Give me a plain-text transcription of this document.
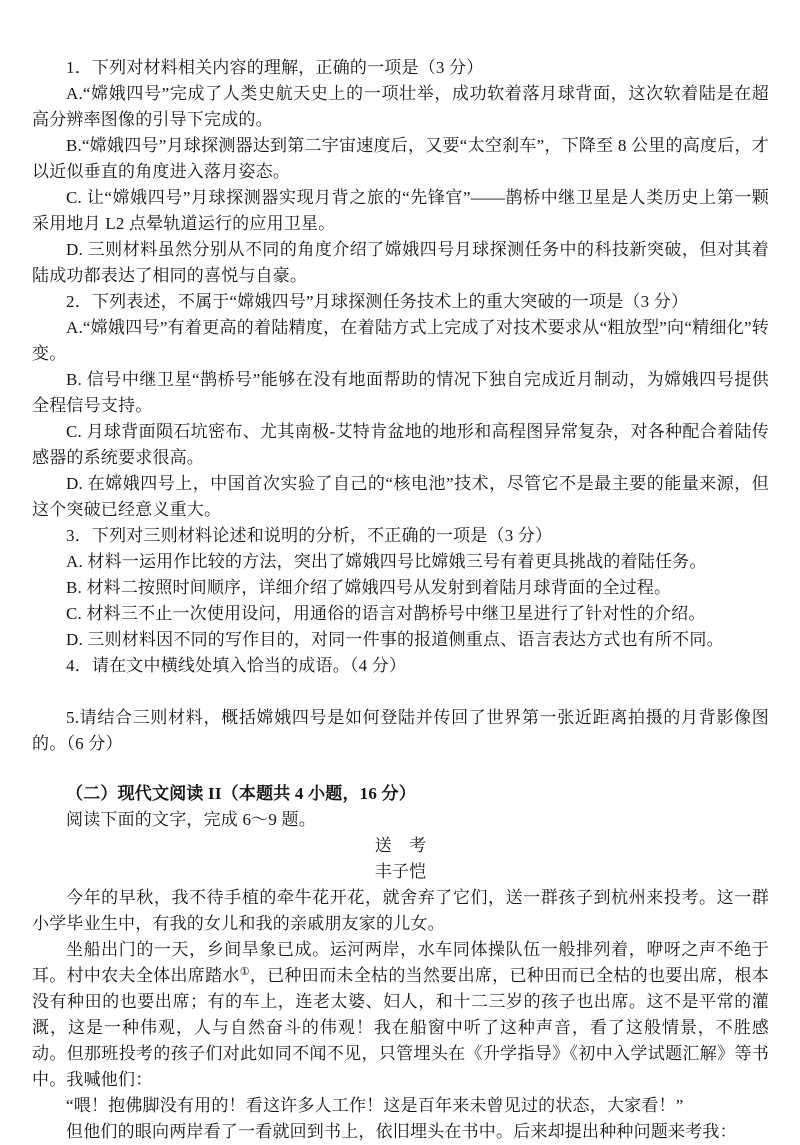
1．下列对材料相关内容的理解，正确的一项是（3 分）

A.“嫦娥四号”完成了人类史航天史上的一项壮举，成功软着落月球背面，这次软着陆是在超高分辨率图像的引导下完成的。

B.“嫦娥四号”月球探测器达到第二宇宙速度后，又要“太空刹车”，下降至 8 公里的高度后，才以近似垂直的角度进入落月姿态。

C. 让“嫦娥四号”月球探测器实现月背之旅的“先锋官”——鹊桥中继卫星是人类历史上第一颗采用地月 L2 点晕轨道运行的应用卫星。

D. 三则材料虽然分别从不同的角度介绍了嫦娥四号月球探测任务中的科技新突破，但对其着陆成功都表达了相同的喜悦与自豪。

2．下列表述，不属于“嫦娥四号”月球探测任务技术上的重大突破的一项是（3 分）

A.“嫦娥四号”有着更高的着陆精度，在着陆方式上完成了对技术要求从“粗放型”向“精细化”转变。

B. 信号中继卫星“鹊桥号”能够在没有地面帮助的情况下独自完成近月制动，为嫦娥四号提供全程信号支持。

C. 月球背面陨石坑密布、尤其南极-艾特肯盆地的地形和高程图异常复杂，对各种配合着陆传感器的系统要求很高。

D. 在嫦娥四号上，中国首次实验了自己的“核电池”技术，尽管它不是最主要的能量来源，但这个突破已经意义重大。

3．下列对三则材料论述和说明的分析，不正确的一项是（3 分）

A. 材料一运用作比较的方法，突出了嫦娥四号比嫦娥三号有着更具挑战的着陆任务。

B. 材料二按照时间顺序，详细介绍了嫦娥四号从发射到着陆月球背面的全过程。

C. 材料三不止一次使用设问，用通俗的语言对鹊桥号中继卫星进行了针对性的介绍。

D. 三则材料因不同的写作目的，对同一件事的报道侧重点、语言表达方式也有所不同。

4．请在文中横线处填入恰当的成语。（4 分）

5.请结合三则材料，概括嫦娥四号是如何登陆并传回了世界第一张近距离拍摄的月背影像图的。（6 分）

（二）现代文阅读 II（本题共 4 小题，16 分）

阅读下面的文字，完成 6～9 题。

送　考

丰子恺

今年的早秋，我不待手植的牵牛花开花，就舍弃了它们，送一群孩子到杭州来投考。这一群小学毕业生中，有我的女儿和我的亲戚朋友家的儿女。

坐船出门的一天，乡间旱象已成。运河两岸，水车同体操队伍一般排列着，咿呀之声不绝于耳。村中农夫全体出席踏水①，已种田而未全枯的当然要出席，已种田而已全枯的也要出席，根本没有种田的也要出席；有的车上，连老太婆、妇人，和十二三岁的孩子也出席。这不是平常的灌溉，这是一种伟观，人与自然奋斗的伟观！我在船窗中听了这种声音，看了这般情景，不胜感动。但那班投考的孩子们对此如同不闻不见，只管埋头在《升学指导》《初中入学试题汇解》等书中。我喊他们：

“喂！抱佛脚没有用的！看这许多人工作！这是百年来未曾见过的状态，大家看！”

但他们的眼向两岸看了一看就回到书上，依旧埋头在书中。后来却提出种种问题来考我：
